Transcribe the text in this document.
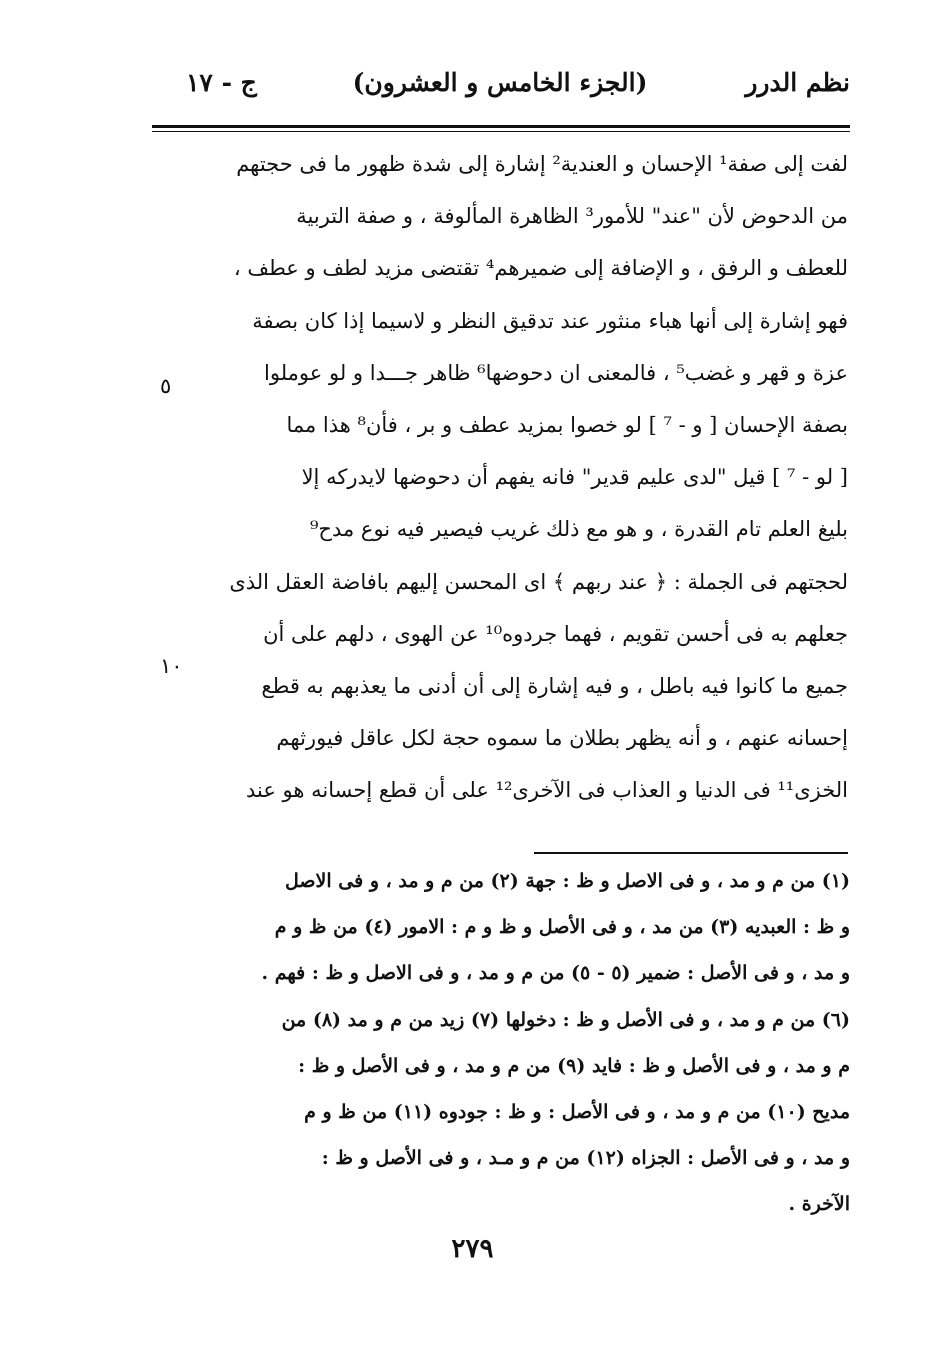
نظم الدرر
(الجزء الخامس و العشرون)
ج - ١٧
لفت إلى صفة¹ الإحسان و العندية² إشارة إلى شدة ظهور ما فى حجتهم
من الدحوض لأن "عند" للأمور³ الظاهرة المألوفة ، و صفة التربية
للعطف و الرفق ، و الإضافة إلى ضميرهم⁴ تقتضى مزيد لطف و عطف ،
فهو إشارة إلى أنها هباء منثور عند تدقيق النظر و لاسيما إذا كان بصفة
عزة و قهر و غضب⁵ ، فالمعنى ان دحوضها⁶ ظاهر جـــدا و لو عوملوا
بصفة الإحسان [ و - ⁷ ] لو خصوا بمزيد عطف و بر ، فأن⁸ هذا مما
[ لو - ⁷ ] قيل "لدى عليم قدير" فانه يفهم أن دحوضها لايدركه إلا
بليغ العلم تام القدرة ، و هو مع ذلك غريب فيصير فيه نوع مدح⁹
لحجتهم فى الجملة : ﴿ عند ربهم ﴾ اى المحسن إليهم بافاضة العقل الذى
جعلهم به فى أحسن تقويم ، فهما جردوه¹⁰ عن الهوى ، دلهم على أن
جميع ما كانوا فيه باطل ، و فيه إشارة إلى أن أدنى ما يعذبهم به قطع
إحسانه عنهم ، و أنه يظهر بطلان ما سموه حجة لكل عاقل فيورثهم
الخزى¹¹ فى الدنيا و العذاب فى الآخرى¹² على أن قطع إحسانه هو عند
٥
١٠
(١) من م و مد ، و فى الاصل و ظ : جهة (٢) من م و مد ، و فى الاصل
و ظ : العبديه (٣) من مد ، و فى الأصل و ظ و م : الامور (٤) من ظ و م
و مد ، و فى الأصل : ضمير (٥ - ٥) من م و مد ، و فى الاصل و ظ : فهم .
(٦) من م و مد ، و فى الأصل و ظ : دخولها (٧) زيد من م و مد (٨) من
م و مد ، و فى الأصل و ظ : فايد (٩) من م و مد ، و فى الأصل و ظ :
مديح (١٠) من م و مد ، و فى الأصل : و ظ : جودوه (١١) من ظ و م
و مد ، و فى الأصل : الجزاه (١٢) من م و مـد ، و فى الأصل و ظ :
الآخرة .
٢٧٩
